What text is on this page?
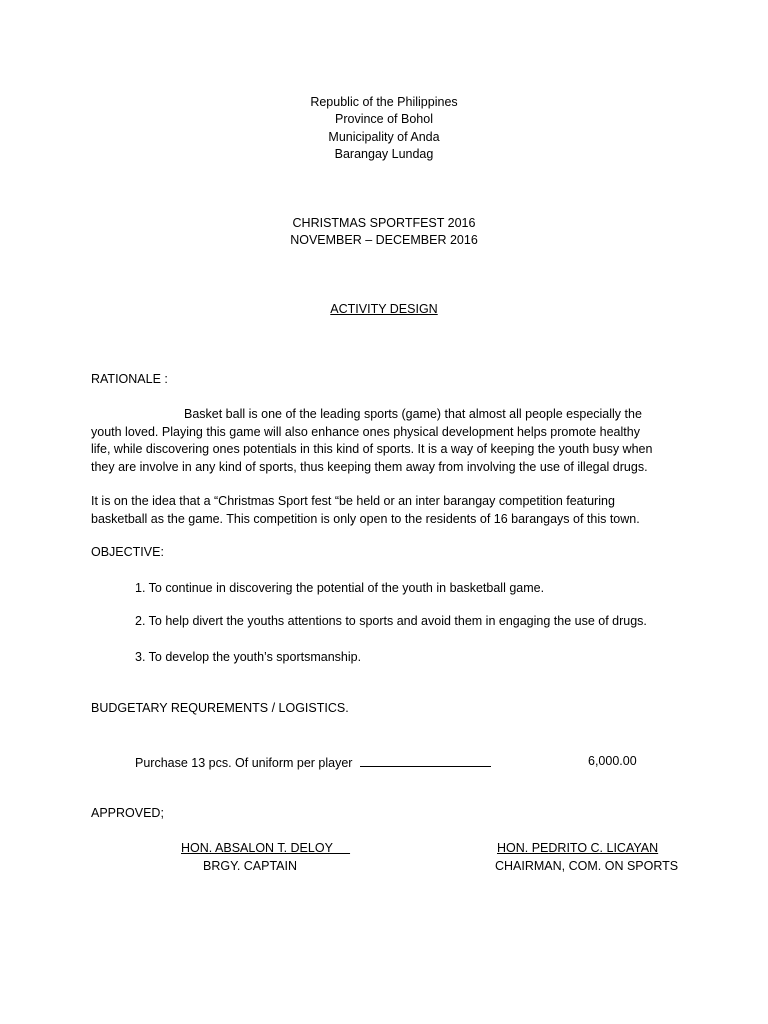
Republic of the Philippines
Province of Bohol
Municipality of Anda
Barangay Lundag
CHRISTMAS SPORTFEST 2016
NOVEMBER – DECEMBER 2016
ACTIVITY DESIGN
RATIONALE :
Basket ball is one of the leading sports (game) that almost all people especially the
youth loved. Playing this game will also enhance ones physical development helps promote healthy
life, while discovering ones potentials in this kind of sports. It is a way of keeping the youth busy when
they are involve in any kind of sports, thus keeping them away from involving the use of illegal drugs.
It is on the idea that a “Christmas Sport fest “be held or an inter barangay competition featuring
basketball as the game. This competition is only open to the residents of 16 barangays of this town.
OBJECTIVE:
1. To continue in discovering the potential of the youth in basketball game.
2. To help divert the youths attentions to sports and avoid them in engaging the use of drugs.
3. To develop the youth’s sportsmanship.
BUDGETARY REQUREMENTS / LOGISTICS.
Purchase 13 pcs. Of uniform per player	6,000.00
APPROVED;
HON. ABSALON T. DELOY
BRGY. CAPTAIN
HON. PEDRITO C. LICAYAN
CHAIRMAN, COM. ON SPORTS
